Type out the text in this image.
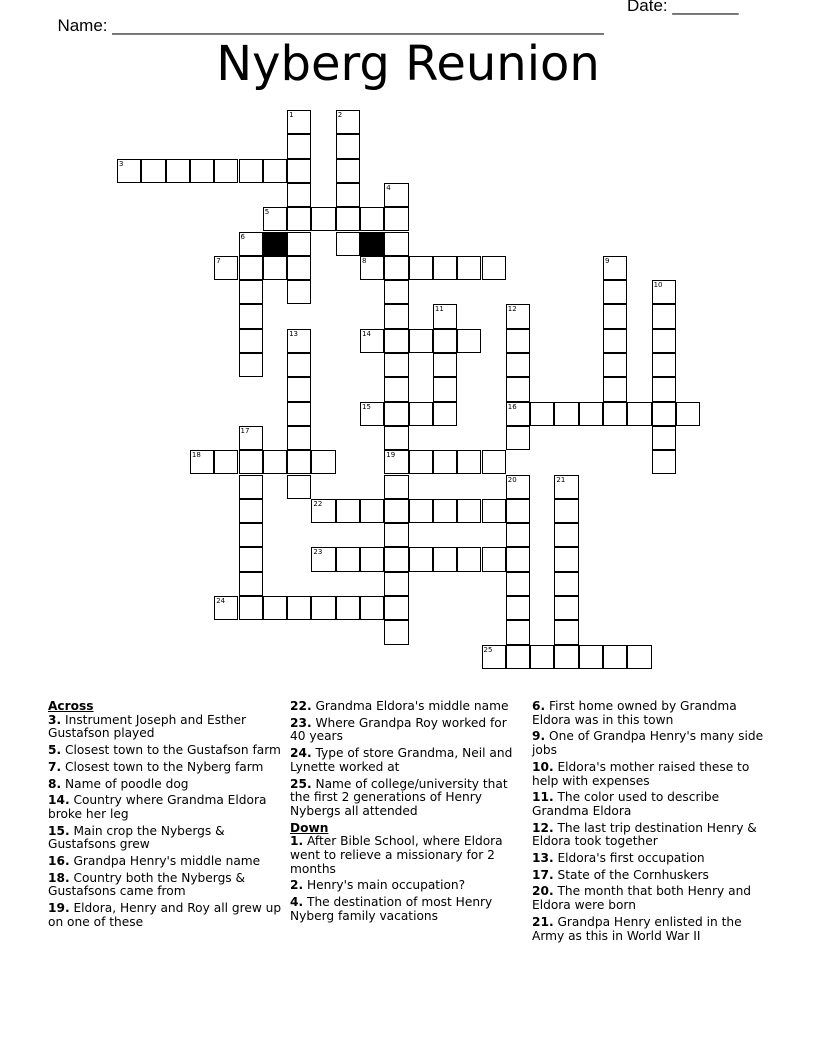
Name: ____________________________________________________

Date: _______

Nyberg Reunion
3
5
7	8
14
15	16
18	19
22
23
24
25
1	2
4
6
9
10
11	12
13
17
20	21
Across
3. Instrument Joseph and Esther Gustafson played
5. Closest town to the Gustafson farm
7. Closest town to the Nyberg farm
8. Name of poodle dog
14. Country where Grandma Eldora broke her leg
15. Main crop the Nybergs & Gustafsons grew
16. Grandpa Henry's middle name
18. Country both the Nybergs & Gustafsons came from
19. Eldora, Henry and Roy all grew up on one of these
22. Grandma Eldora's middle name
23. Where Grandpa Roy worked for 40 years
24. Type of store Grandma, Neil and Lynette worked at
25. Name of college/university that the first 2 generations of Henry Nybergs all attended
Down
1. After Bible School, where Eldora went to relieve a missionary for 2 months
2. Henry's main occupation?
4. The destination of most Henry Nyberg family vacations
6. First home owned by Grandma Eldora was in this town
9. One of Grandpa Henry's many side jobs
10. Eldora's mother raised these to help with expenses
11. The color used to describe Grandma Eldora
12. The last trip destination Henry & Eldora took together
13. Eldora's first occupation
17. State of the Cornhuskers
20. The month that both Henry and Eldora were born
21. Grandpa Henry enlisted in the Army as this in World War II
